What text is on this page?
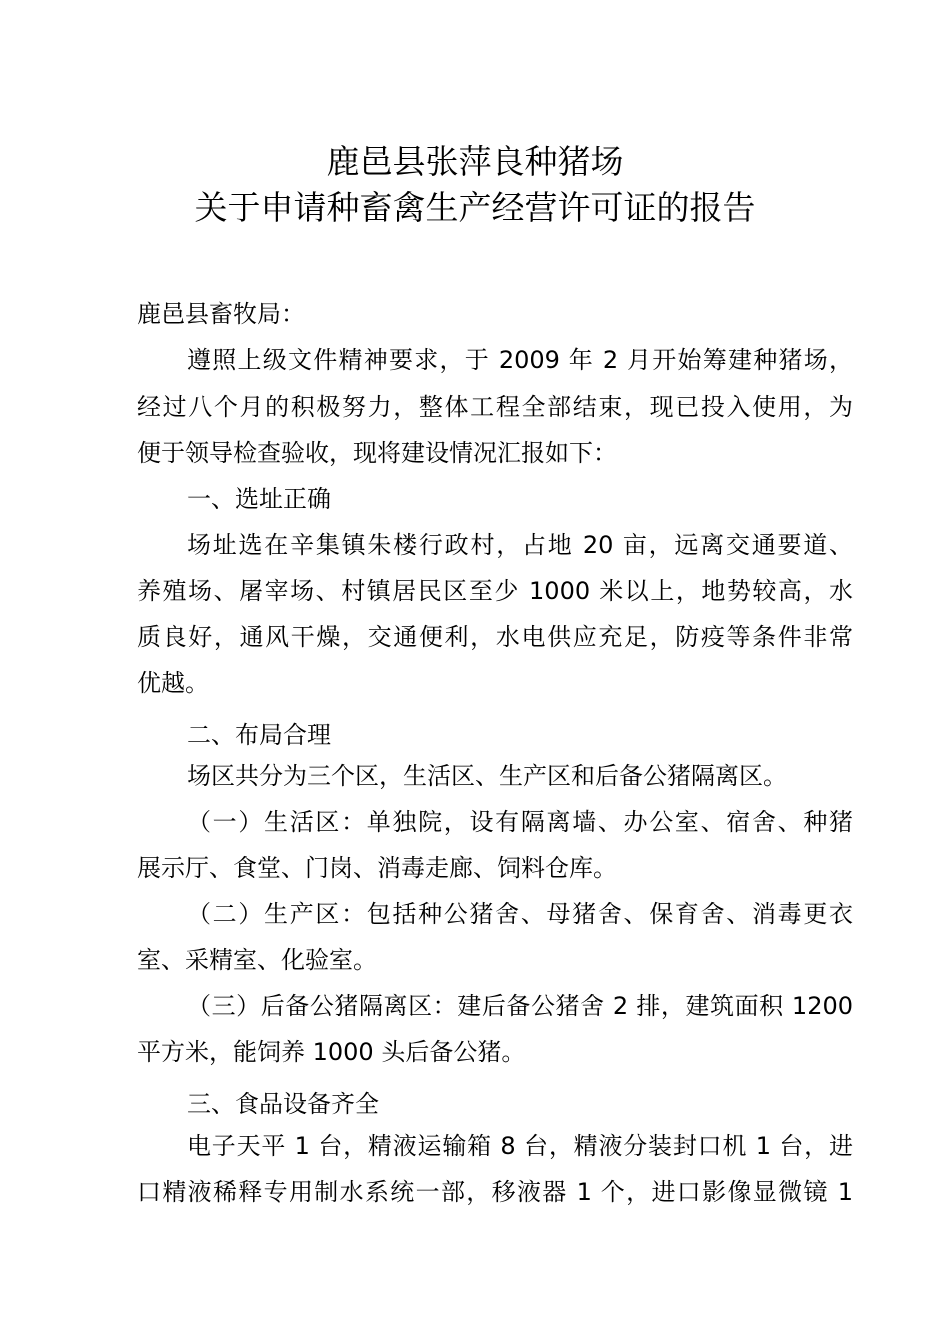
鹿邑县张萍良种猪场
关于申请种畜禽生产经营许可证的报告
鹿邑县畜牧局：
遵照上级文件精神要求，于 2009 年 2 月开始筹建种猪场，
经过八个月的积极努力，整体工程全部结束，现已投入使用，为
便于领导检查验收，现将建设情况汇报如下：
一、选址正确
场址选在辛集镇朱楼行政村，占地 20 亩，远离交通要道、
养殖场、屠宰场、村镇居民区至少 1000 米以上，地势较高，水
质良好，通风干燥，交通便利，水电供应充足，防疫等条件非常
优越。
二、布局合理
场区共分为三个区，生活区、生产区和后备公猪隔离区。
（一）生活区：单独院，设有隔离墙、办公室、宿舍、种猪
展示厅、食堂、门岗、消毒走廊、饲料仓库。
（二）生产区：包括种公猪舍、母猪舍、保育舍、消毒更衣
室、采精室、化验室。
（三）后备公猪隔离区：建后备公猪舍 2 排，建筑面积 1200
平方米，能饲养 1000 头后备公猪。
三、食品设备齐全
电子天平 1 台，精液运输箱 8 台，精液分装封口机 1 台，进
口精液稀释专用制水系统一部，移液器 1 个，进口影像显微镜 1
